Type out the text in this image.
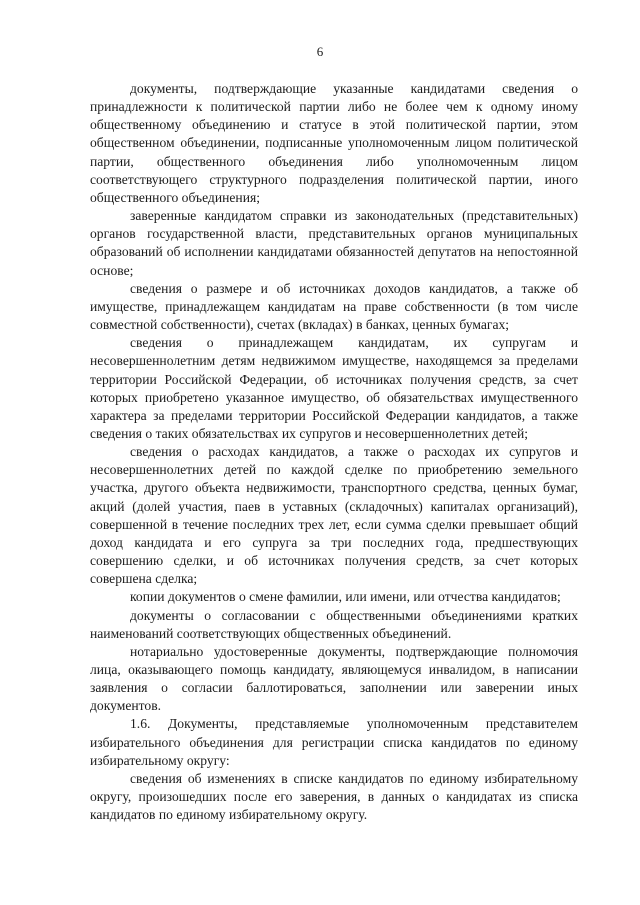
6

документы, подтверждающие указанные кандидатами сведения о принадлежности к политической партии либо не более чем к одному иному общественному объединению и статусе в этой политической партии, этом общественном объединении, подписанные уполномоченным лицом политической партии, общественного объединения либо уполномоченным лицом соответствующего структурного подразделения политической партии, иного общественного объединения;

заверенные кандидатом справки из законодательных (представительных) органов государственной власти, представительных органов муниципальных образований об исполнении кандидатами обязанностей депутатов на непостоянной основе;

сведения о размере и об источниках доходов кандидатов, а также об имуществе, принадлежащем кандидатам на праве собственности (в том числе совместной собственности), счетах (вкладах) в банках, ценных бумагах;

сведения о принадлежащем кандидатам, их супругам и несовершеннолетним детям недвижимом имуществе, находящемся за пределами территории Российской Федерации, об источниках получения средств, за счет которых приобретено указанное имущество, об обязательствах имущественного характера за пределами территории Российской Федерации кандидатов, а также сведения о таких обязательствах их супругов и несовершеннолетних детей;

сведения о расходах кандидатов, а также о расходах их супругов и несовершеннолетних детей по каждой сделке по приобретению земельного участка, другого объекта недвижимости, транспортного средства, ценных бумаг, акций (долей участия, паев в уставных (складочных) капиталах организаций), совершенной в течение последних трех лет, если сумма сделки превышает общий доход кандидата и его супруга за три последних года, предшествующих совершению сделки, и об источниках получения средств, за счет которых совершена сделка;

копии документов о смене фамилии, или имени, или отчества кандидатов;

документы о согласовании с общественными объединениями кратких наименований соответствующих общественных объединений.

нотариально удостоверенные документы, подтверждающие полномочия лица, оказывающего помощь кандидату, являющемуся инвалидом, в написании заявления о согласии баллотироваться, заполнении или заверении иных документов.

1.6. Документы, представляемые уполномоченным представителем избирательного объединения для регистрации списка кандидатов по единому избирательному округу:

сведения об изменениях в списке кандидатов по единому избирательному округу, произошедших после его заверения, в данных о кандидатах из списка кандидатов по единому избирательному округу.
